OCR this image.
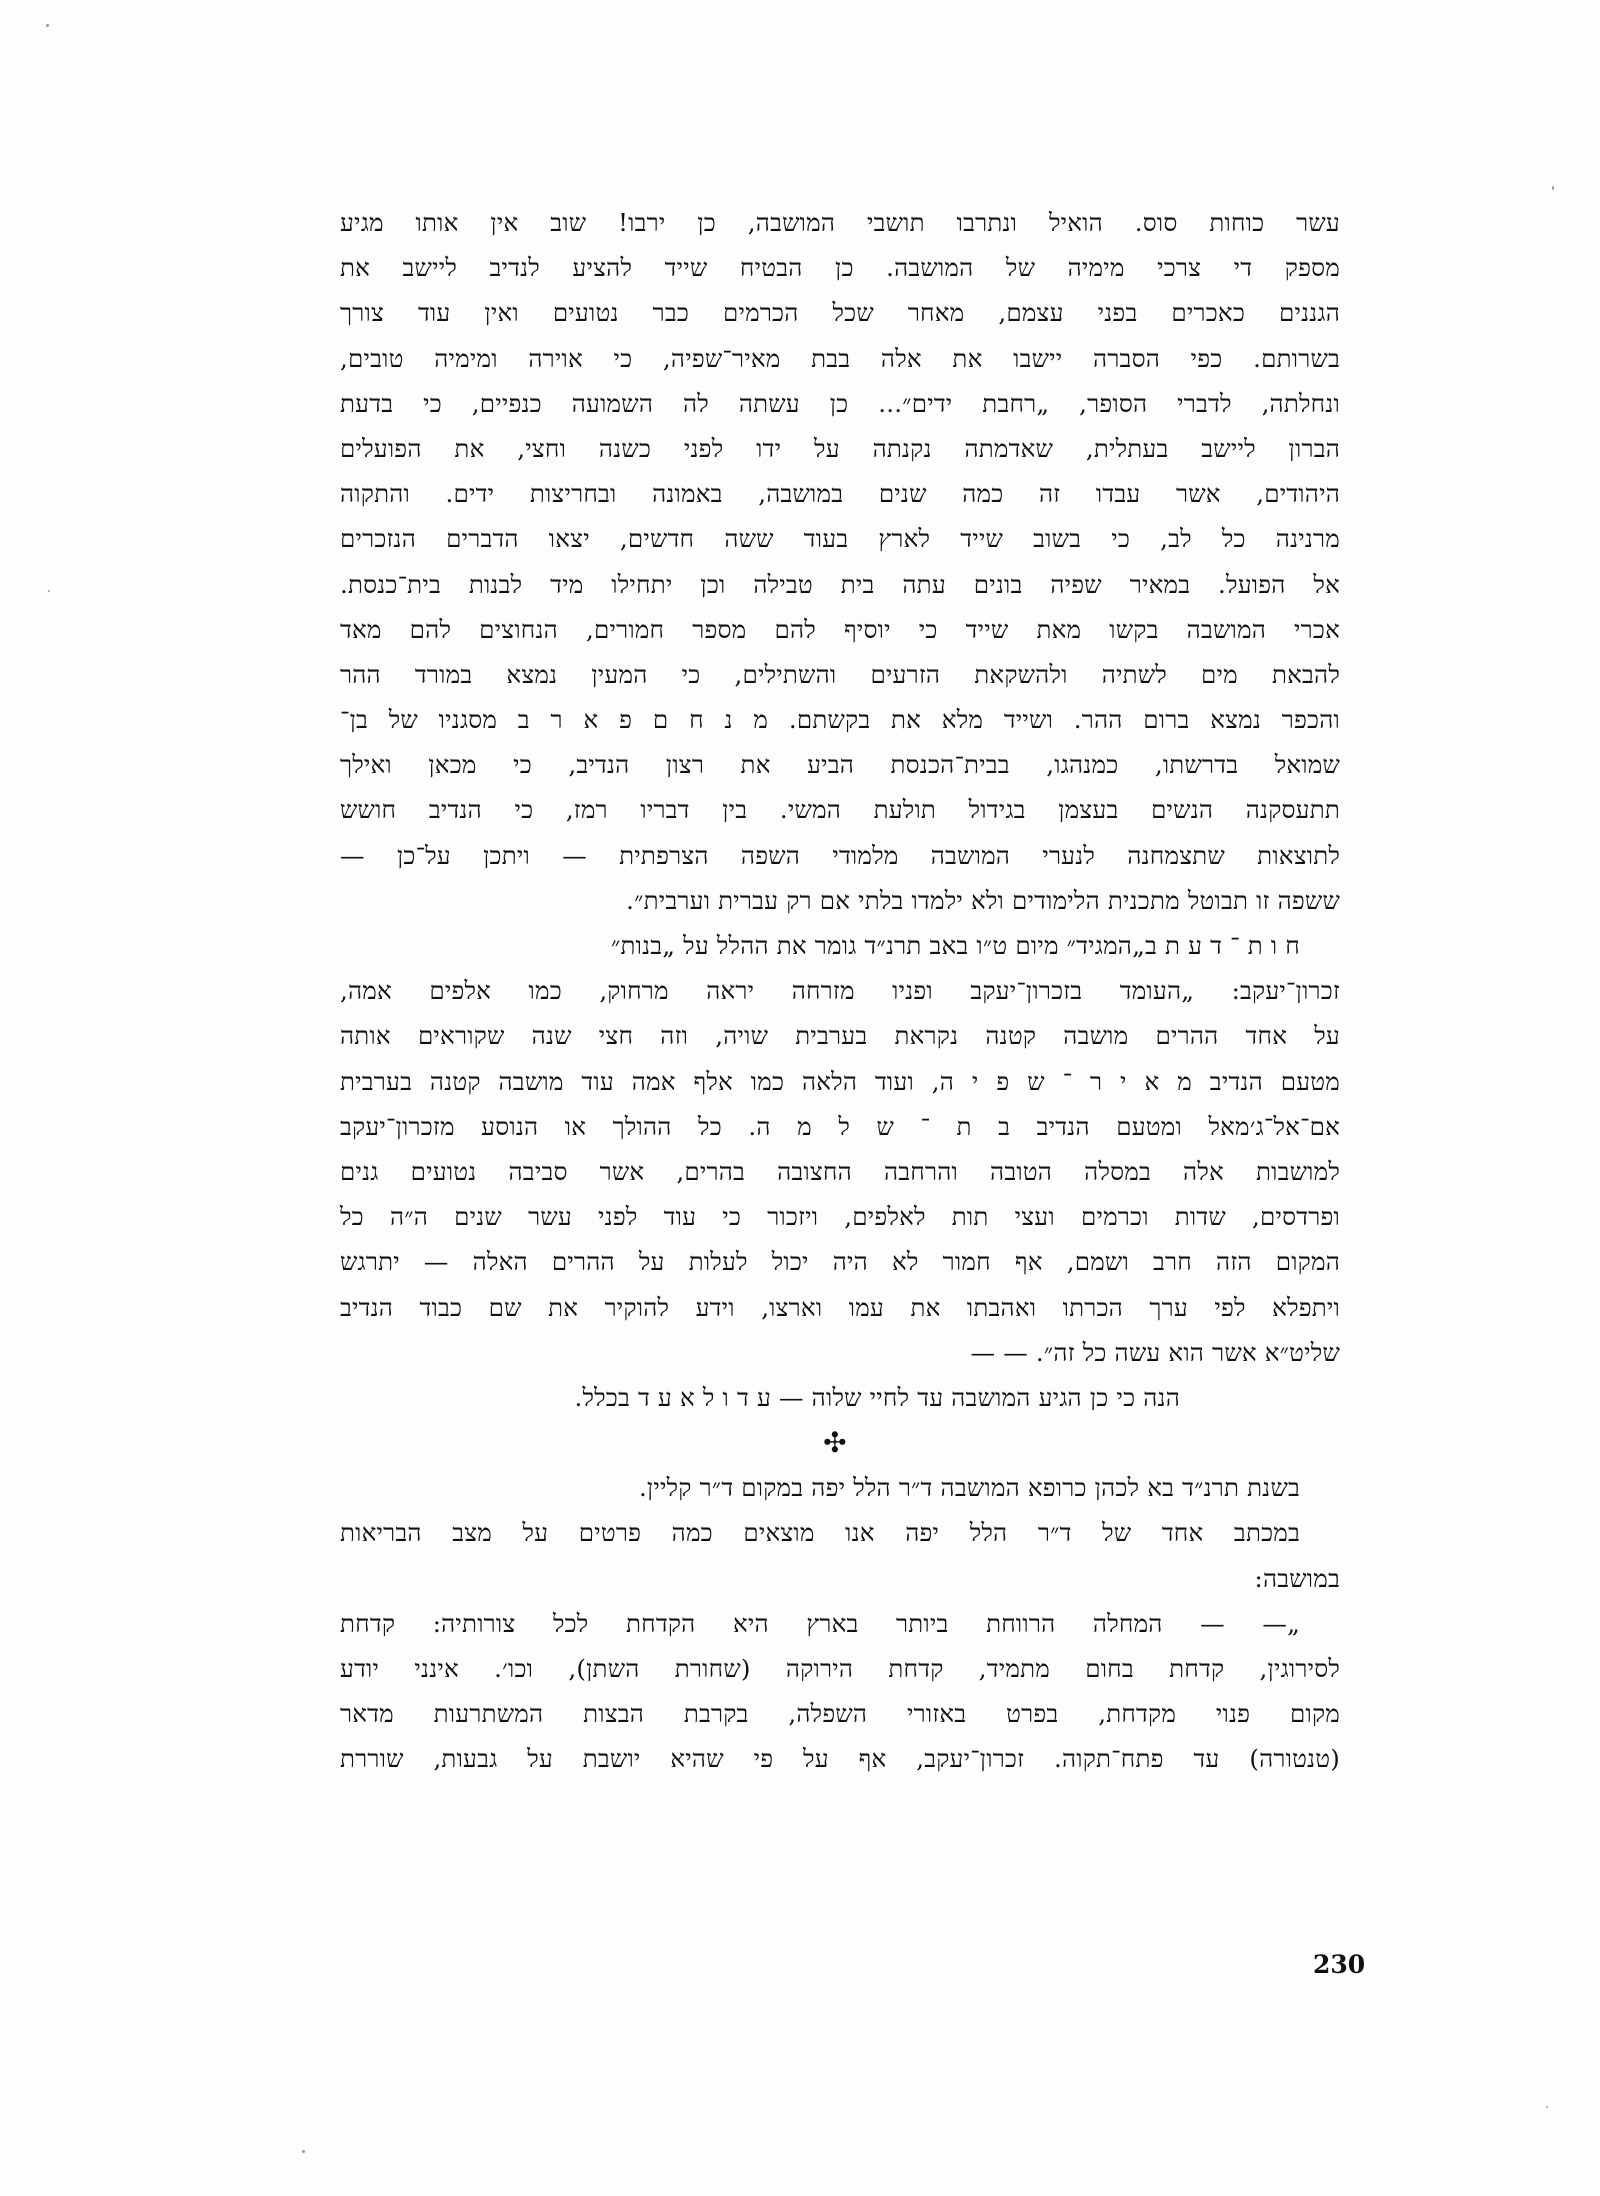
עשר כוחות סוס. הואיל ונתרבו תושבי המושבה, כן ירבו! שוב אין אותו מגיע
מספק די צרכי מימיה של המושבה. כן הבטיח שייד להציע לנדיב ליישב את
הגננים כאכרים בפני עצמם, מאחר שכל הכרמים כבר נטועים ואין עוד צורך
בשרותם. כפי הסברה יישבו את אלה בבת מאיר־שפיה, כי אוירה ומימיה טובים,
ונחלתה, לדברי הסופר, „רחבת ידים״... כן עשתה לה השמועה כנפיים, כי בדעת
הברון ליישב בעתלית, שאדמתה נקנתה על ידו לפני כשנה וחצי, את הפועלים
היהודים, אשר עבדו זה כמה שנים במושבה, באמונה ובחריצות ידים. והתקוה
מרנינה כל לב, כי בשוב שייד לארץ בעוד ששה חדשים, יצאו הדברים הנזכרים
אל הפועל. במאיר שפיה בונים עתה בית טבילה וכן יתחילו מיד לבנות בית־כנסת.
אכרי המושבה בקשו מאת שייד כי יוסיף להם מספר חמורים, הנחוצים להם מאד
להבאת מים לשתיה ולהשקאת הזרעים והשתילים, כי המעין נמצא במורד ההר
והכפר נמצא ברום ההר. ושייד מלא את בקשתם. מ נ ח ם פ א ר ב מסגניו של בן־
שמואל בדרשתו, כמנהגו, בבית־הכנסת הביע את רצון הנדיב, כי מכאן ואילך
תתעסקנה הנשים בעצמן בגידול תולעת המשי. בין דבריו רמז, כי הנדיב חושש
לתוצאות שתצמחנה לנערי המושבה מלמודי השפה הצרפתית — ויתכן על־כן —
ששפה זו תבוטל מתכנית הלימודים ולא ילמדו בלתי אם רק עברית וערבית״.
ח ו ת ־ ד ע ת ב„המגיד״ מיום ט״ו באב תרנ״ד גומר את ההלל על „בנות״
זכרון־יעקב: „העומד בזכרון־יעקב ופניו מזרחה יראה מרחוק, כמו אלפים אמה,
על אחד ההרים מושבה קטנה נקראת בערבית שויה, וזה חצי שנה שקוראים אותה
מטעם הנדיב מ א י ר ־ ש פ י ה, ועוד הלאה כמו אלף אמה עוד מושבה קטנה בערבית
אם־אל־ג׳מאל ומטעם הנדיב ב ת ־ ש ל מ ה. כל ההולך או הנוסע מזכרון־יעקב
למושבות אלה במסלה הטובה והרחבה החצובה בהרים, אשר סביבה נטועים גנים
ופרדסים, שדות וכרמים ועצי תות לאלפים, ויזכור כי עוד לפני עשר שנים ה״ה כל
המקום הזה חרב ושמם, אף חמור לא היה יכול לעלות על ההרים האלה — יתרגש
ויתפלא לפי ערך הכרתו ואהבתו את עמו וארצו, וידע להוקיר את שם כבוד הנדיב
שליט״א אשר הוא עשה כל זה״. — —
הנה כי כן הגיע המושבה עד לחיי שלוה — ע ד ו ל א ע ד בכלל.
✣
בשנת תרנ״ד בא לכהן כרופא המושבה ד״ר הלל יפה במקום ד״ר קליין.
במכתב אחד של ד״ר הלל יפה אנו מוצאים כמה פרטים על מצב הבריאות
במושבה:
„— — המחלה הרווחת ביותר בארץ היא הקדחת לכל צורותיה: קדחת
לסירוגין, קדחת בחום מתמיד, קדחת הירוקה (שחורת השתן), וכו׳. אינני יודע
מקום פנוי מקדחת, בפרט באזורי השפלה, בקרבת הבצות המשתרעות מדאר
(טנטורה) עד פתח־תקוה. זכרון־יעקב, אף על פי שהיא יושבת על גבעות, שוררת
230
